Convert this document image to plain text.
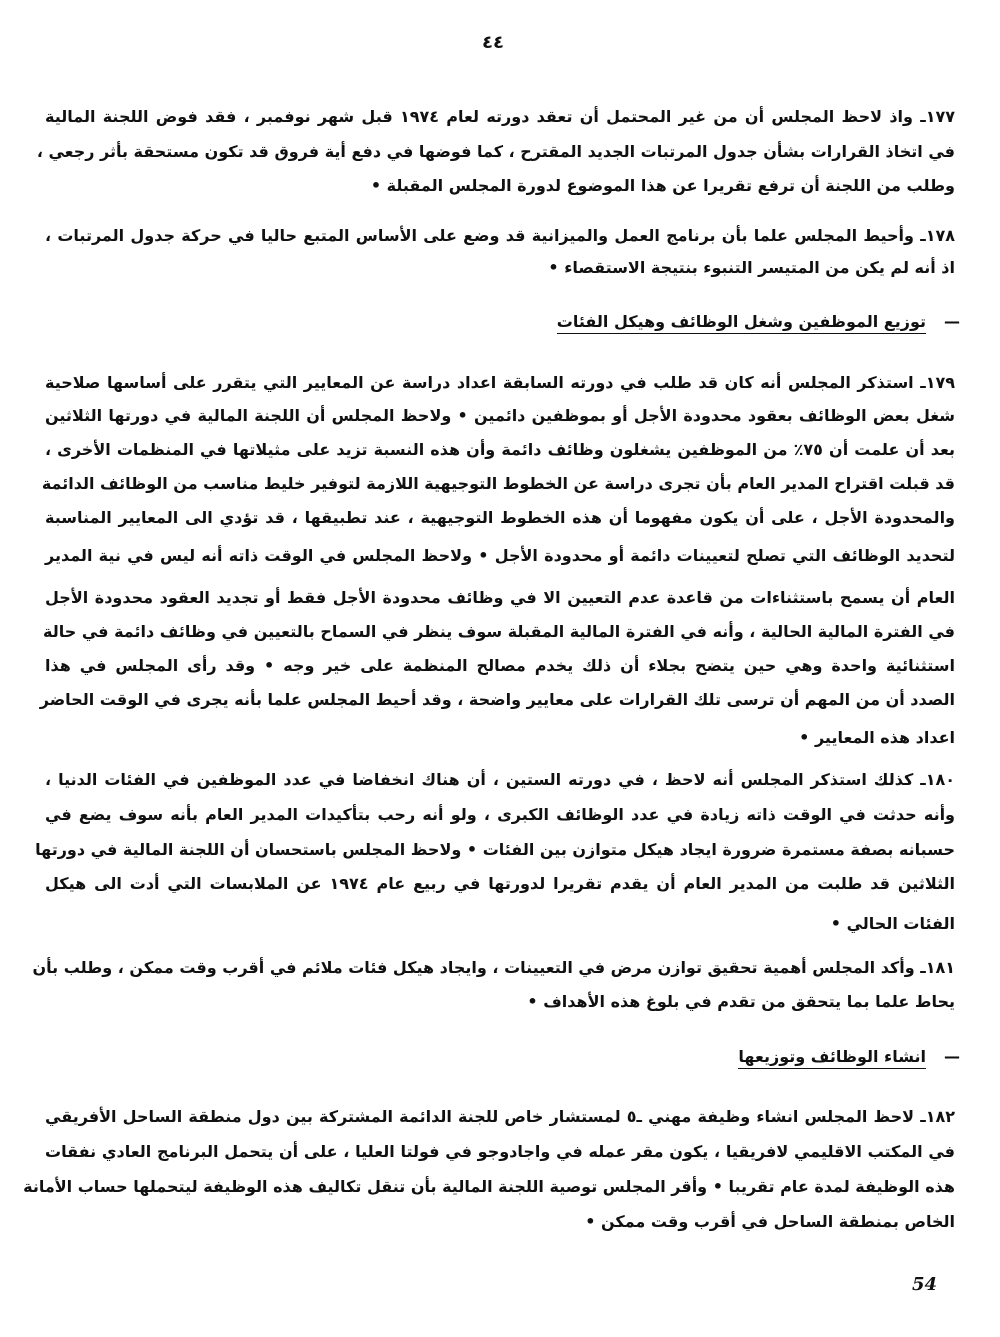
٤٤
١٧٧ـ واذ لاحظ المجلس أن من غير المحتمل أن تعقد دورته لعام ١٩٧٤ قبل شهر نوفمبر ، فقد فوض اللجنة المالية
في اتخاذ القرارات بشأن جدول المرتبات الجديد المقترح ، كما فوضها في دفع أية فروق قد تكون مستحقة بأثر رجعي ،
وطلب من اللجنة أن ترفع تقريرا عن هذا الموضوع لدورة المجلس المقبلة •
١٧٨ـ وأحيط المجلس علما بأن برنامج العمل والميزانية قد وضع على الأساس المتبع حاليا في حركة جدول المرتبات ،
اذ أنه لم يكن من المتيسر التنبوء بنتيجة الاستقصاء •
—توزيع الموظفين وشغل الوظائف وهيكل الفئات
١٧٩ـ استذكر المجلس أنه كان قد طلب في دورته السابقة اعداد دراسة عن المعايير التي يتقرر على أساسها صلاحية
شغل بعض الوظائف بعقود محدودة الأجل أو بموظفين دائمين • ولاحظ المجلس أن اللجنة المالية في دورتها الثلاثين
بعد أن علمت أن ٧٥٪ من الموظفين يشغلون وظائف دائمة وأن هذه النسبة تزيد على مثيلاتها في المنظمات الأخرى ،
قد قبلت اقتراح المدير العام بأن تجرى دراسة عن الخطوط التوجيهية اللازمة لتوفير خليط مناسب من الوظائف الدائمة
والمحدودة الأجل ، على أن يكون مفهوما أن هذه الخطوط التوجيهية ، عند تطبيقها ، قد تؤدي الى المعايير المناسبة
لتحديد الوظائف التي تصلح لتعيينات دائمة أو محدودة الأجل • ولاحظ المجلس في الوقت ذاته أنه ليس في نية المدير
العام أن يسمح باستثناءات من قاعدة عدم التعيين الا في وظائف محدودة الأجل فقط أو تجديد العقود محدودة الأجل
في الفترة المالية الحالية ، وأنه في الفترة المالية المقبلة سوف ينظر في السماح بالتعيين في وظائف دائمة في حالة
استثنائية واحدة وهي حين يتضح بجلاء أن ذلك يخدم مصالح المنظمة على خير وجه • وقد رأى المجلس في هذا
الصدد أن من المهم أن ترسى تلك القرارات على معايير واضحة ، وقد أحيط المجلس علما بأنه يجرى في الوقت الحاضر
اعداد هذه المعايير •
١٨٠ـ كذلك استذكر المجلس أنه لاحظ ، في دورته الستين ، أن هناك انخفاضا في عدد الموظفين في الفئات الدنيا ،
وأنه حدثت في الوقت ذاته زيادة في عدد الوظائف الكبرى ، ولو أنه رحب بتأكيدات المدير العام بأنه سوف يضع في
حسبانه بصفة مستمرة ضرورة ايجاد هيكل متوازن بين الفئات • ولاحظ المجلس باستحسان أن اللجنة المالية في دورتها
الثلاثين قد طلبت من المدير العام أن يقدم تقريرا لدورتها في ربيع عام ١٩٧٤ عن الملابسات التي أدت الى هيكل
الفئات الحالي •
١٨١ـ وأكد المجلس أهمية تحقيق توازن مرض في التعيينات ، وايجاد هيكل فئات ملائم في أقرب وقت ممكن ، وطلب بأن
يحاط علما بما يتحقق من تقدم في بلوغ هذه الأهداف •
—انشاء الوظائف وتوزيعها
١٨٢ـ لاحظ المجلس انشاء وظيفة مهني ـ٥ لمستشار خاص للجنة الدائمة المشتركة بين دول منطقة الساحل الأفريقي
في المكتب الاقليمي لافريقيا ، يكون مقر عمله في واجادوجو في فولتا العليا ، على أن يتحمل البرنامج العادي نفقات
هذه الوظيفة لمدة عام تقريبا • وأقر المجلس توصية اللجنة المالية بأن تنقل تكاليف هذه الوظيفة ليتحملها حساب الأمانة
الخاص بمنطقة الساحل في أقرب وقت ممكن •
54
